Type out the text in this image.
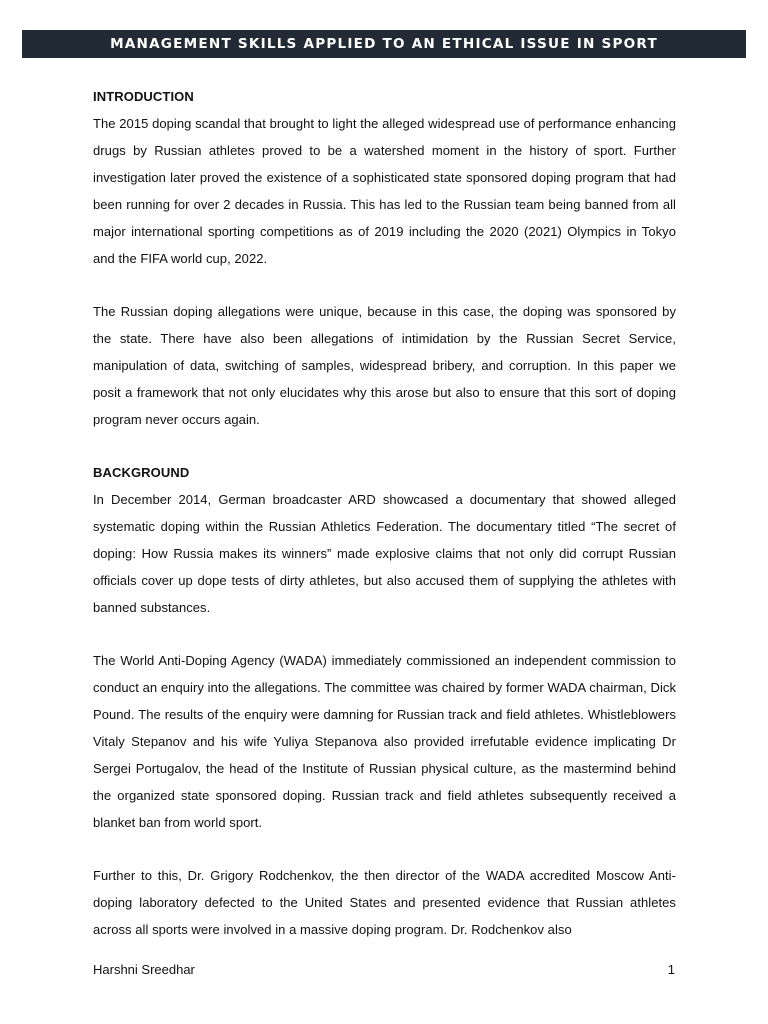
MANAGEMENT SKILLS APPLIED TO AN ETHICAL ISSUE IN SPORT
INTRODUCTION

The 2015 doping scandal that brought to light the alleged widespread use of performance enhancing drugs by Russian athletes proved to be a watershed moment in the history of sport. Further investigation later proved the existence of a sophisticated state sponsored doping program that had been running for over 2 decades in Russia. This has led to the Russian team being banned from all major international sporting competitions as of 2019 including the 2020 (2021) Olympics in Tokyo and the FIFA world cup, 2022.

The Russian doping allegations were unique, because in this case, the doping was sponsored by the state. There have also been allegations of intimidation by the Russian Secret Service, manipulation of data, switching of samples, widespread bribery, and corruption. In this paper we posit a framework that not only elucidates why this arose but also to ensure that this sort of doping program never occurs again.

BACKGROUND

In December 2014, German broadcaster ARD showcased a documentary that showed alleged systematic doping within the Russian Athletics Federation. The documentary titled “The secret of doping: How Russia makes its winners” made explosive claims that not only did corrupt Russian officials cover up dope tests of dirty athletes, but also accused them of supplying the athletes with banned substances.

The World Anti-Doping Agency (WADA) immediately commissioned an independent commission to conduct an enquiry into the allegations. The committee was chaired by former WADA chairman, Dick Pound. The results of the enquiry were damning for Russian track and field athletes. Whistleblowers Vitaly Stepanov and his wife Yuliya Stepanova also provided irrefutable evidence implicating Dr Sergei Portugalov, the head of the Institute of Russian physical culture, as the mastermind behind the organized state sponsored doping. Russian track and field athletes subsequently received a blanket ban from world sport.

Further to this, Dr. Grigory Rodchenkov, the then director of the WADA accredited Moscow Anti-doping laboratory defected to the United States and presented evidence that Russian athletes across all sports were involved in a massive doping program. Dr. Rodchenkov also

Harshni Sreedhar	1
